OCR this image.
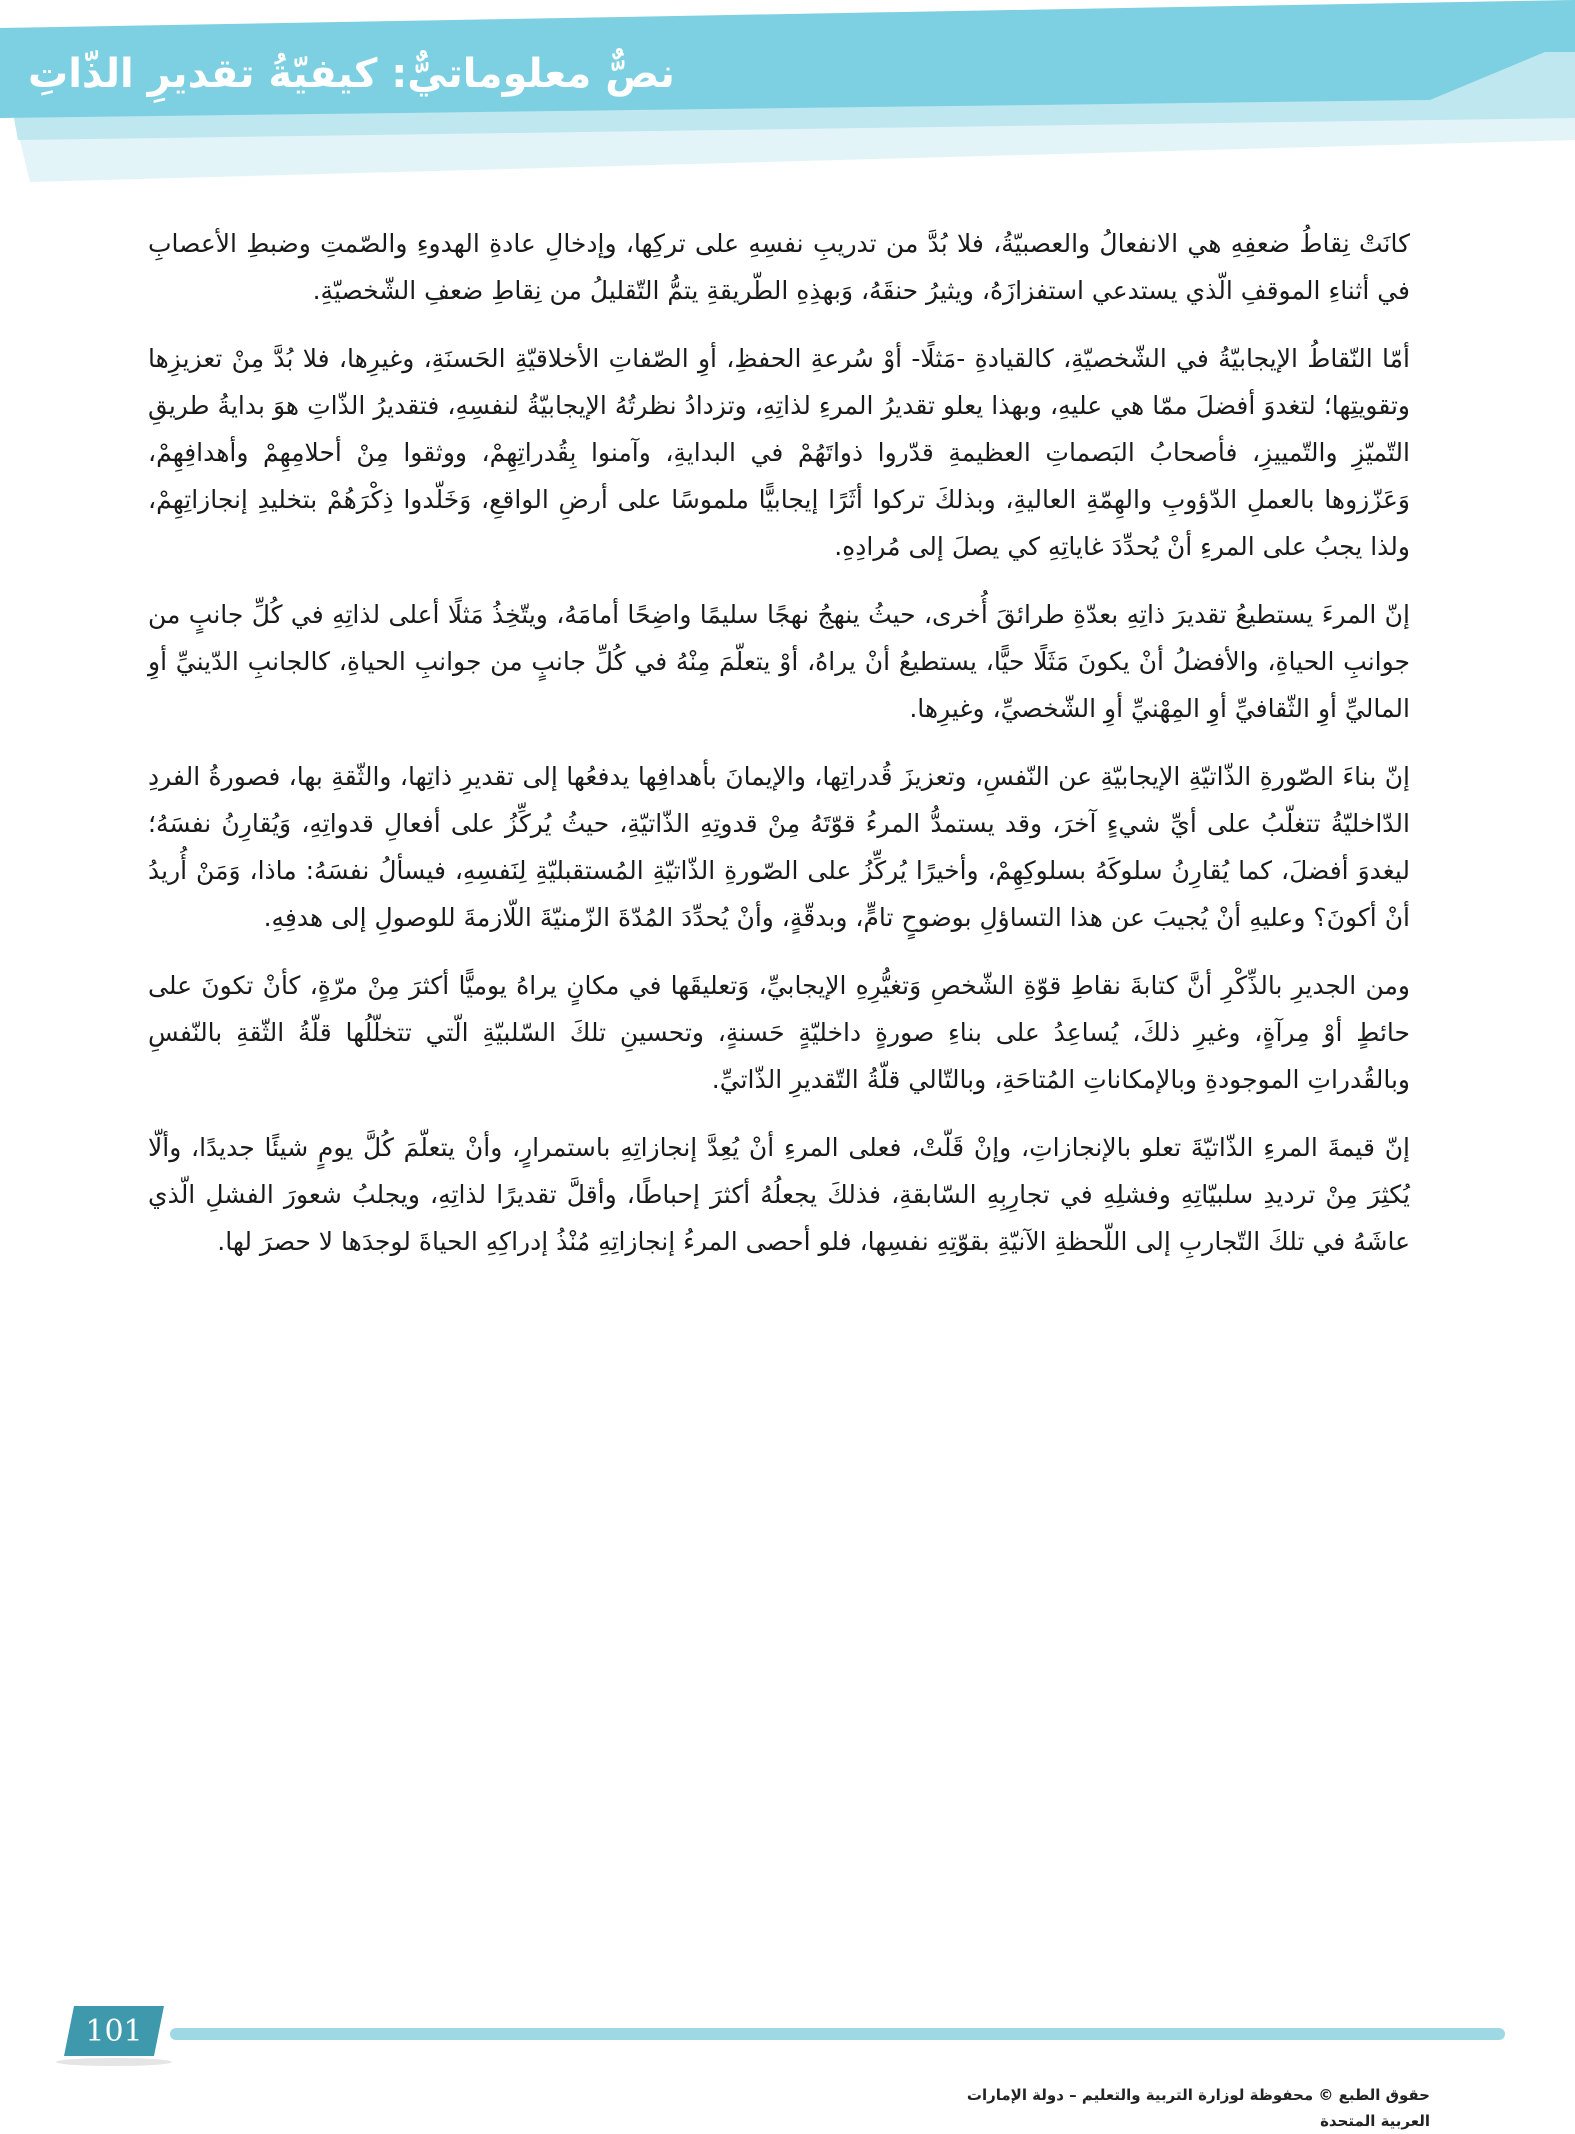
نصٌّ معلوماتيٌّ: كيفيّةُ تقديرِ الذّاتِ

كانَتْ نِقاطُ ضعفِهِ هي الانفعالُ والعصبيّةُ، فلا بُدَّ من تدريبِ نفسِهِ على تركِها، وإدخالِ عادةِ الهدوءِ والصّمتِ وضبطِ الأعصابِ في أثناءِ الموقفِ الّذي يستدعي استفزازَهُ، ويثيرُ حنقَهُ، وَبهذِهِ الطّريقةِ يتمُّ التّقليلُ من نِقاطِ ضعفِ الشّخصيّةِ.

أمّا النّقاطُ الإيجابيّةُ في الشّخصيّةِ، كالقيادةِ -مَثلًا- أوْ سُرعةِ الحفظِ، أوِ الصّفاتِ الأخلاقيّةِ الحَسنَةِ، وغيرِها، فلا بُدَّ مِنْ تعزيزِها وتقويتِها؛ لتغدوَ أفضلَ ممّا هي عليهِ، وبهذا يعلو تقديرُ المرءِ لذاتِهِ، وتزدادُ نظرتُهُ الإيجابيّةُ لنفسِهِ، فتقديرُ الذّاتِ هوَ بدايةُ طريقِ التّميّزِ والتّمييزِ، فأصحابُ البَصماتِ العظيمةِ قدّروا ذواتَهُمْ في البدايةِ، وآمنوا بِقُدراتِهِمْ، ووثقوا مِنْ أحلامِهِمْ وأهدافِهِمْ، وَعَزّزوها بالعملِ الدّؤوبِ والهِمّةِ العاليةِ، وبذلكَ تركوا أثَرًا إيجابيًّا ملموسًا على أرضِ الواقعِ، وَخَلّدوا ذِكْرَهُمْ بتخليدِ إنجازاتِهِمْ، ولذا يجبُ على المرءِ أنْ يُحدِّدَ غاياتِهِ كي يصلَ إلى مُرادِهِ.

إنّ المرءَ يستطيعُ تقديرَ ذاتِهِ بعدّةِ طرائقَ أُخرى، حيثُ ينهجُ نهجًا سليمًا واضِحًا أمامَهُ، ويتّخِذُ مَثلًا أعلى لذاتِهِ في كُلِّ جانبٍ من جوانبِ الحياةِ، والأفضلُ أنْ يكونَ مَثَلًا حيًّا، يستطيعُ أنْ يراهُ، أوْ يتعلّمَ مِنْهُ في كُلِّ جانبٍ من جوانبِ الحياةِ، كالجانبِ الدّينيِّ أوِ الماليِّ أوِ الثّقافيِّ أوِ المِهْنيِّ أوِ الشّخصيِّ، وغيرِها.

إنّ بناءَ الصّورةِ الذّاتيّةِ الإيجابيّةِ عن النّفسِ، وتعزيزَ قُدراتِها، والإيمانَ بأهدافِها يدفعُها إلى تقديرِ ذاتِها، والثّقةِ بها، فصورةُ الفردِ الدّاخليّةُ تتغلّبُ على أيِّ شيءٍ آخرَ، وقد يستمدُّ المرءُ قوّتَهُ مِنْ قدوتِهِ الذّاتيّةِ، حيثُ يُركِّزُ على أفعالِ قدواتِهِ، وَيُقارِنُ نفسَهُ؛ ليغدوَ أفضلَ، كما يُقارِنُ سلوكَهُ بسلوكِهِمْ، وأخيرًا يُركِّزُ على الصّورةِ الذّاتيّةِ المُستقبليّةِ لِنَفسِهِ، فيسألُ نفسَهُ: ماذا، وَمَنْ أُريدُ أنْ أكونَ؟ وعليهِ أنْ يُجيبَ عن هذا التساؤلِ بوضوحٍ تامٍّ، وبدقّةٍ، وأنْ يُحدِّدَ المُدّةَ الزّمنيّةَ اللّازمةَ للوصولِ إلى هدفِهِ.

ومن الجديرِ بالذِّكْرِ أنَّ كتابةَ نقاطِ قوّةِ الشّخصِ وَتغيُّرِهِ الإيجابيِّ، وَتعليقَها في مكانٍ يراهُ يوميًّا أكثرَ مِنْ مرّةٍ، كأنْ تكونَ على حائطٍ أوْ مِرآةٍ، وغيرِ ذلكَ، يُساعِدُ على بناءِ صورةٍ داخليّةٍ حَسنةٍ، وتحسينِ تلكَ السّلبيّةِ الّتي تتخلّلُها قلّةُ الثّقةِ بالنّفسِ وبالقُدراتِ الموجودةِ وبالإمكاناتِ المُتاحَةِ، وبالتّالي قلّةُ التّقديرِ الذّاتيِّ.

إنّ قيمةَ المرءِ الذّاتيّةَ تعلو بالإنجازاتِ، وإنْ قَلّتْ، فعلى المرءِ أنْ يُعِدَّ إنجازاتِهِ باستمرارٍ، وأنْ يتعلّمَ كُلَّ يومٍ شيئًا جديدًا، وألّا يُكثِرَ مِنْ ترديدِ سلبيّاتِهِ وفشلِهِ في تجارِبِهِ السّابقةِ، فذلكَ يجعلُهُ أكثرَ إحباطًا، وأقلَّ تقديرًا لذاتِهِ، ويجلبُ شعورَ الفشلِ الّذي عاشَهُ في تلكَ التّجاربِ إلى اللّحظةِ الآنيّةِ بقوّتِهِ نفسِها، فلو أحصى المرءُ إنجازاتِهِ مُنْذُ إدراكِهِ الحياةَ لوجدَها لا حصرَ لها.

101
حقوق الطبع © محفوظة لوزارة التربية والتعليم – دولة الإمارات العربية المتحدة
